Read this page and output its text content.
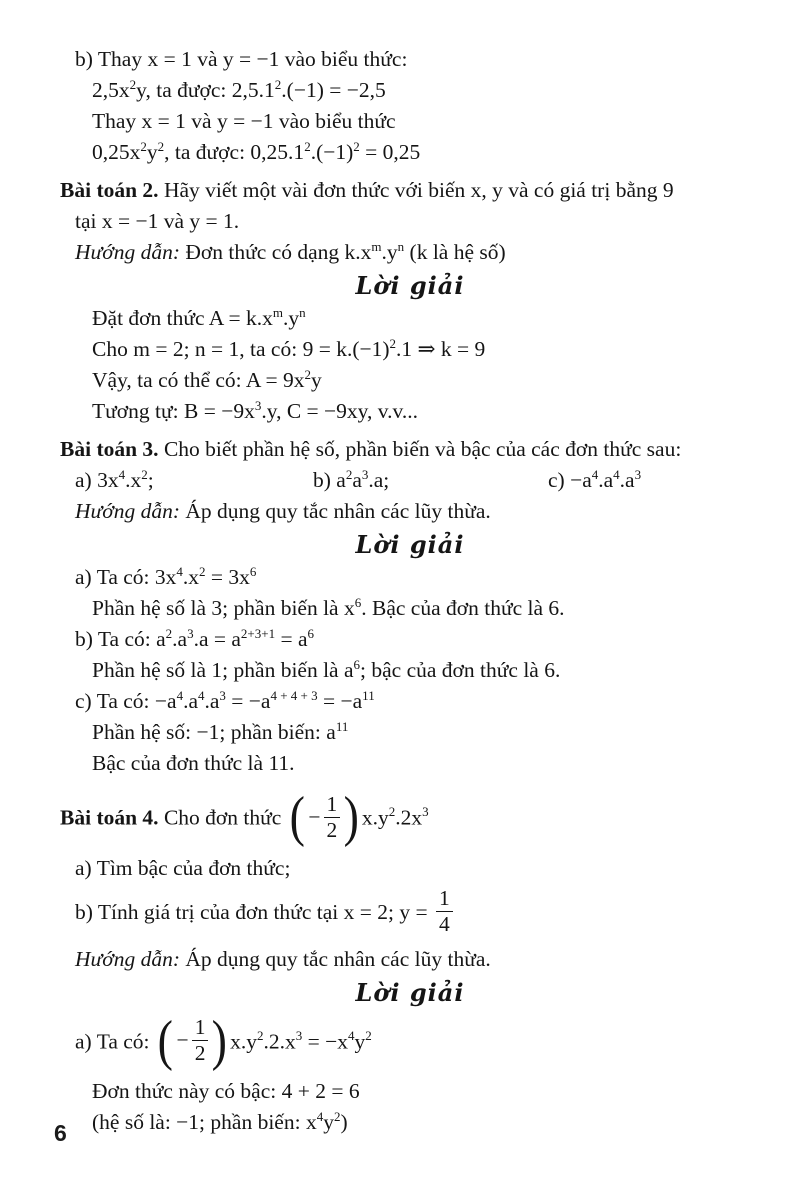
b) Thay x = 1 và y = −1 vào biểu thức:
$2,5x^2y$, ta được: $2,5.1^2.(-1) = -2,5$
Thay x = 1 và y = −1 vào biểu thức
$0,25x^2y^2$, ta được: $0,25.1^2.(-1)^2 = 0,25$
Bài toán 2. Hãy viết một vài đơn thức với biến x, y và có giá trị bằng 9
tại x = −1 và y = 1.
Hướng dẫn: Đơn thức có dạng $k.x^m.y^n$ (k là hệ số)
Lời giải
Đặt đơn thức $A = k.x^m.y^n$
Cho m = 2; n = 1, ta có: $9 = k.(-1)^2.1$ ⇒ k = 9
Vậy, ta có thể có: $A = 9x^2y$
Tương tự: $B = -9x^3.y$, C = −9xy, v.v...
Bài toán 3. Cho biết phần hệ số, phần biến và bậc của các đơn thức sau:
a) $3x^4.x^2$;	b) $a^2a^3.a$;	$c) -a^4.a^4.a^3$
Hướng dẫn: Áp dụng quy tắc nhân các lũy thừa.
Lời giải
a) Ta có: $3x^4.x^2 = 3x^6$
Phần hệ số là 3; phần biến là $x^6$. Bậc của đơn thức là 6.
b) Ta có: $a^2.a^3.a = a^{2+3+1} = a^6$
Phần hệ số là 1; phần biến là $a^6$; bậc của đơn thức là 6.
c) Ta có: $-a^4.a^4.a^3 = -a^{4 + 4 + 3} = -a^{11}$
Phần hệ số: −1; phần biến: $a^{11}$
Bậc của đơn thức là 11.
Bài toán 4. Cho đơn thức ( − $\frac{1}{2}$ ) $x.y^2.2x^3$
a) Tìm bậc của đơn thức;
b) Tính giá trị của đơn thức tại x = 2; $y = \frac{1}{4}$
Hướng dẫn: Áp dụng quy tắc nhân các lũy thừa.
Lời giải
a) Ta có: ( − $\frac{1}{2}$ ) $x.y^2.2.x^3 = -x^4y^2$
Đơn thức này có bậc: 4 + 2 = 6
(hệ số là: −1; phần biến: $x^4y^2$)
6
